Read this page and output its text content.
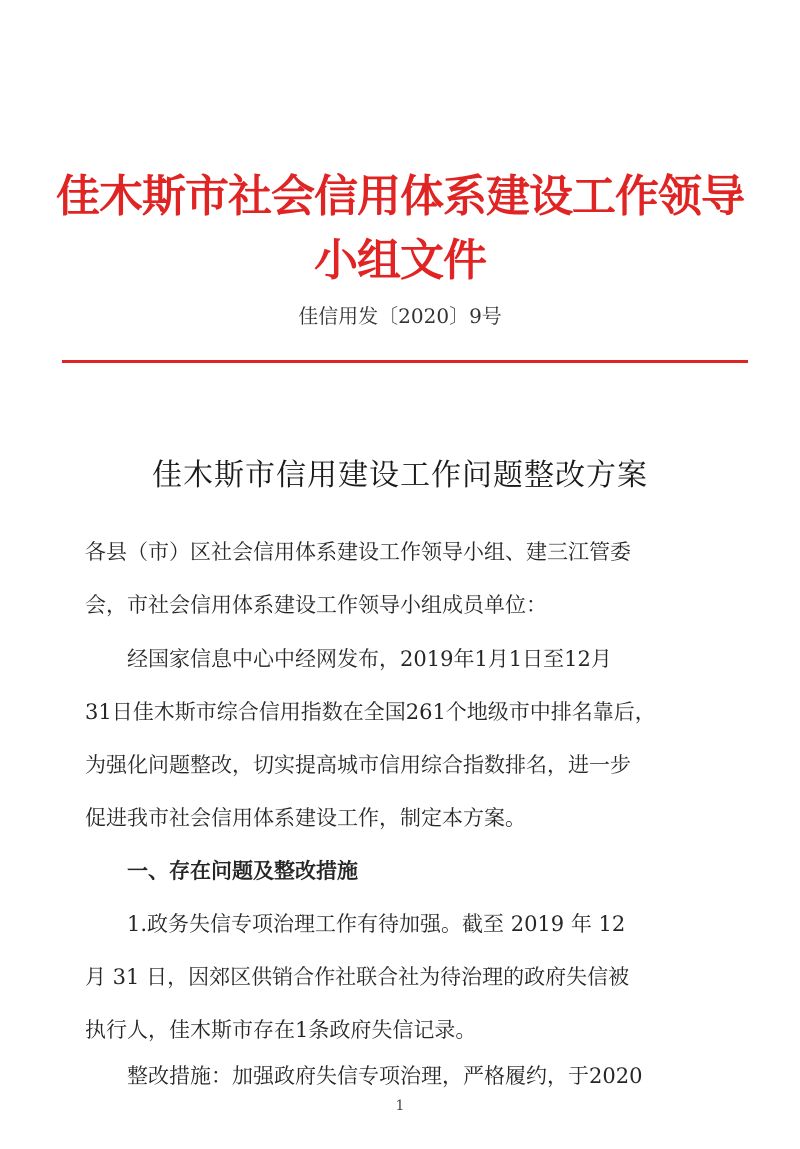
佳木斯市社会信用体系建设工作领导小组文件
佳信用发〔2020〕9号
佳木斯市信用建设工作问题整改方案
各县（市）区社会信用体系建设工作领导小组、建三江管委
会，市社会信用体系建设工作领导小组成员单位：
经国家信息中心中经网发布，2019年1月1日至12月
31日佳木斯市综合信用指数在全国261个地级市中排名靠后，
为强化问题整改，切实提高城市信用综合指数排名，进一步
促进我市社会信用体系建设工作，制定本方案。
一、存在问题及整改措施
1.政务失信专项治理工作有待加强。截至 2019 年 12
月 31 日，因郊区供销合作社联合社为待治理的政府失信被
执行人，佳木斯市存在1条政府失信记录。
整改措施：加强政府失信专项治理，严格履约，于2020
1
